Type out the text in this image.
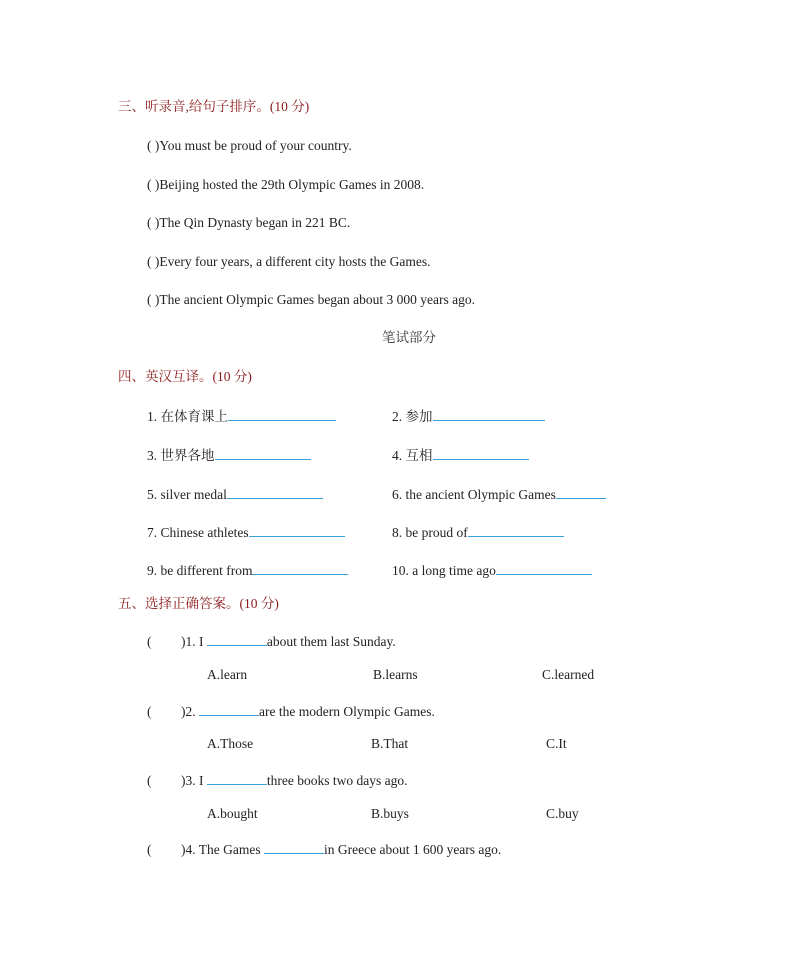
三、听录音,给句子排序。(10 分)
( )You must be proud of your country.
( )Beijing hosted the 29th Olympic Games in 2008.
( )The Qin Dynasty began in 221 BC.
( )Every four years, a different city hosts the Games.
( )The ancient Olympic Games began about 3 000 years ago.
笔试部分
四、英汉互译。(10 分)
1. 在体育课上	2. 参加
3. 世界各地	4. 互相
5. silver medal	6. the ancient Olympic Games
7. Chinese athletes	8. be proud of
9. be different from	10. a long time ago
五、选择正确答案。(10 分)
( )1. I	about them last Sunday.
A.learn	B.learns	C.learned
( )2.	are the modern Olympic Games.
A.Those	B.That	C.It
( )3. I	three books two days ago.
A.bought	B.buys	C.buy
( )4. The Games	in Greece about 1 600 years ago.
